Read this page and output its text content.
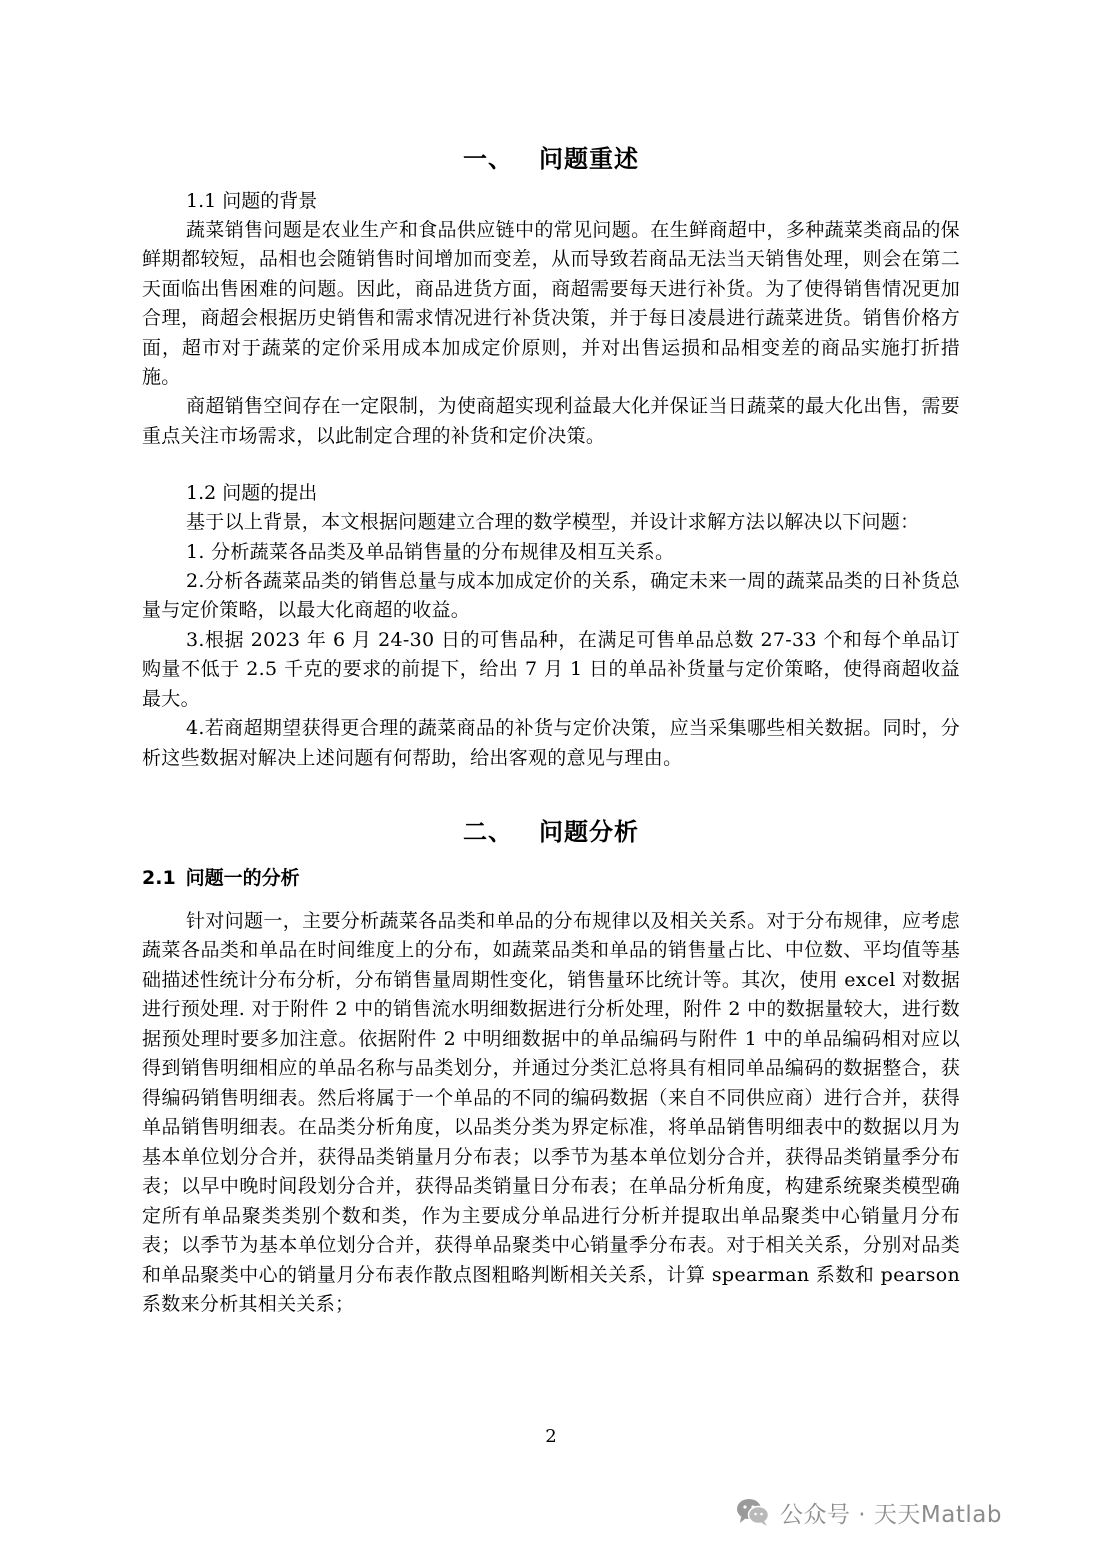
一、 问题重述

1.1 问题的背景

蔬菜销售问题是农业生产和食品供应链中的常见问题。在生鲜商超中，多种蔬菜类商品的保鲜期都较短，品相也会随销售时间增加而变差，从而导致若商品无法当天销售处理，则会在第二天面临出售困难的问题。因此，商品进货方面，商超需要每天进行补货。为了使得销售情况更加合理，商超会根据历史销售和需求情况进行补货决策，并于每日凌晨进行蔬菜进货。销售价格方面，超市对于蔬菜的定价采用成本加成定价原则，并对出售运损和品相变差的商品实施打折措施。

商超销售空间存在一定限制，为使商超实现利益最大化并保证当日蔬菜的最大化出售，需要重点关注市场需求，以此制定合理的补货和定价决策。

1.2 问题的提出

基于以上背景，本文根据问题建立合理的数学模型，并设计求解方法以解决以下问题：

1. 分析蔬菜各品类及单品销售量的分布规律及相互关系。

2.分析各蔬菜品类的销售总量与成本加成定价的关系，确定未来一周的蔬菜品类的日补货总量与定价策略，以最大化商超的收益。

3.根据 2023 年 6 月 24-30 日的可售品种，在满足可售单品总数 27-33 个和每个单品订购量不低于 2.5 千克的要求的前提下，给出 7 月 1 日的单品补货量与定价策略，使得商超收益最大。

4.若商超期望获得更合理的蔬菜商品的补货与定价决策，应当采集哪些相关数据。同时，分析这些数据对解决上述问题有何帮助，给出客观的意见与理由。

二、 问题分析
2.1 问题一的分析

针对问题一，主要分析蔬菜各品类和单品的分布规律以及相关关系。对于分布规律，应考虑蔬菜各品类和单品在时间维度上的分布，如蔬菜品类和单品的销售量占比、中位数、平均值等基础描述性统计分布分析，分布销售量周期性变化，销售量环比统计等。其次，使用 excel 对数据进行预处理. 对于附件 2 中的销售流水明细数据进行分析处理，附件 2 中的数据量较大，进行数据预处理时要多加注意。依据附件 2 中明细数据中的单品编码与附件 1 中的单品编码相对应以得到销售明细相应的单品名称与品类划分，并通过分类汇总将具有相同单品编码的数据整合，获得编码销售明细表。然后将属于一个单品的不同的编码数据（来自不同供应商）进行合并，获得单品销售明细表。在品类分析角度，以品类分类为界定标准，将单品销售明细表中的数据以月为基本单位划分合并，获得品类销量月分布表；以季节为基本单位划分合并，获得品类销量季分布表；以早中晚时间段划分合并，获得品类销量日分布表；在单品分析角度，构建系统聚类模型确定所有单品聚类类别个数和类，作为主要成分单品进行分析并提取出单品聚类中心销量月分布表；以季节为基本单位划分合并，获得单品聚类中心销量季分布表。对于相关关系，分别对品类和单品聚类中心的销量月分布表作散点图粗略判断相关关系，计算 spearman 系数和 pearson 系数来分析其相关关系；

2
公众号 · 天天Matlab
